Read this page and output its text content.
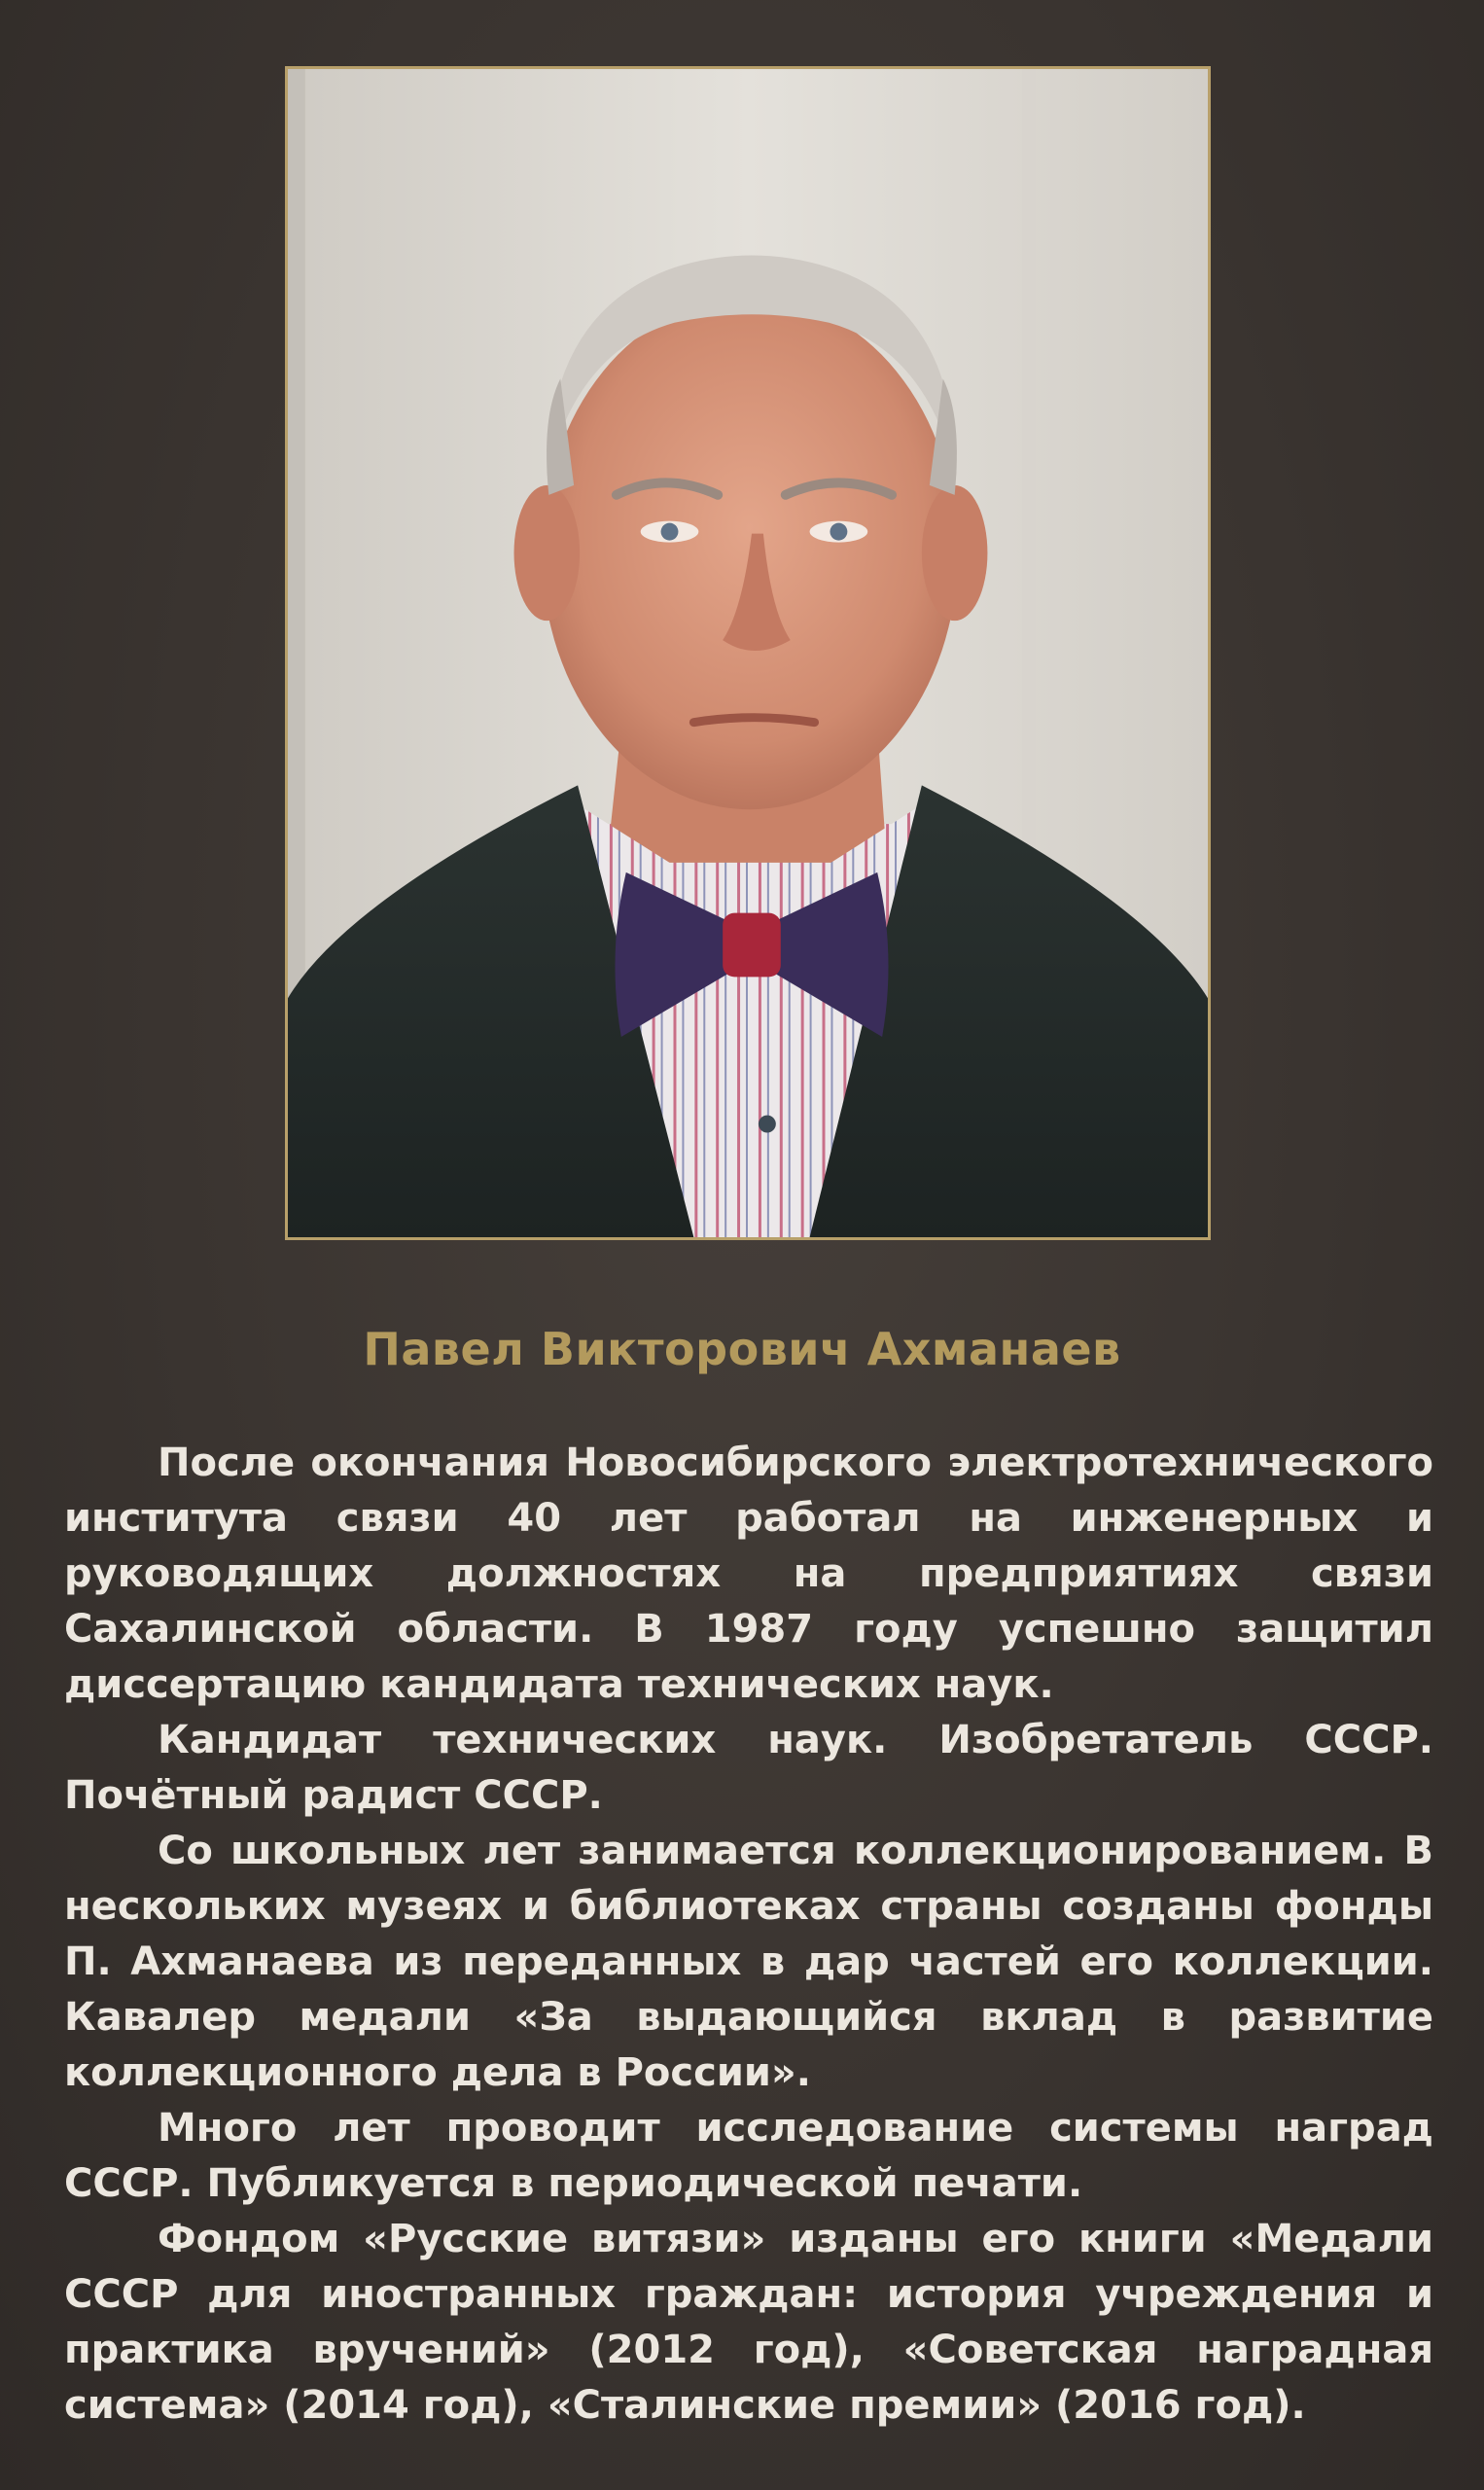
Павел Викторович Ахманаев

После окончания Новосибирского электротехнического института связи 40 лет работал на инженерных и руководящих должностях на предприятиях связи Сахалинской области. В 1987 году успешно защитил диссертацию кандидата технических наук.

Кандидат технических наук. Изобретатель СССР. Почётный радист СССР.

Со школьных лет занимается коллекционированием. В нескольких музеях и библиотеках страны созданы фонды П. Ахманаева из переданных в дар частей его коллекции. Кавалер медали «За выдающийся вклад в развитие коллекционного дела в России».

Много лет проводит исследование системы наград СССР. Публикуется в периодической печати.

Фондом «Русские витязи» изданы его книги «Медали СССР для иностранных граждан: история учреждения и практика вручений» (2012 год), «Советская наградная система» (2014 год), «Сталинские премии» (2016 год).
